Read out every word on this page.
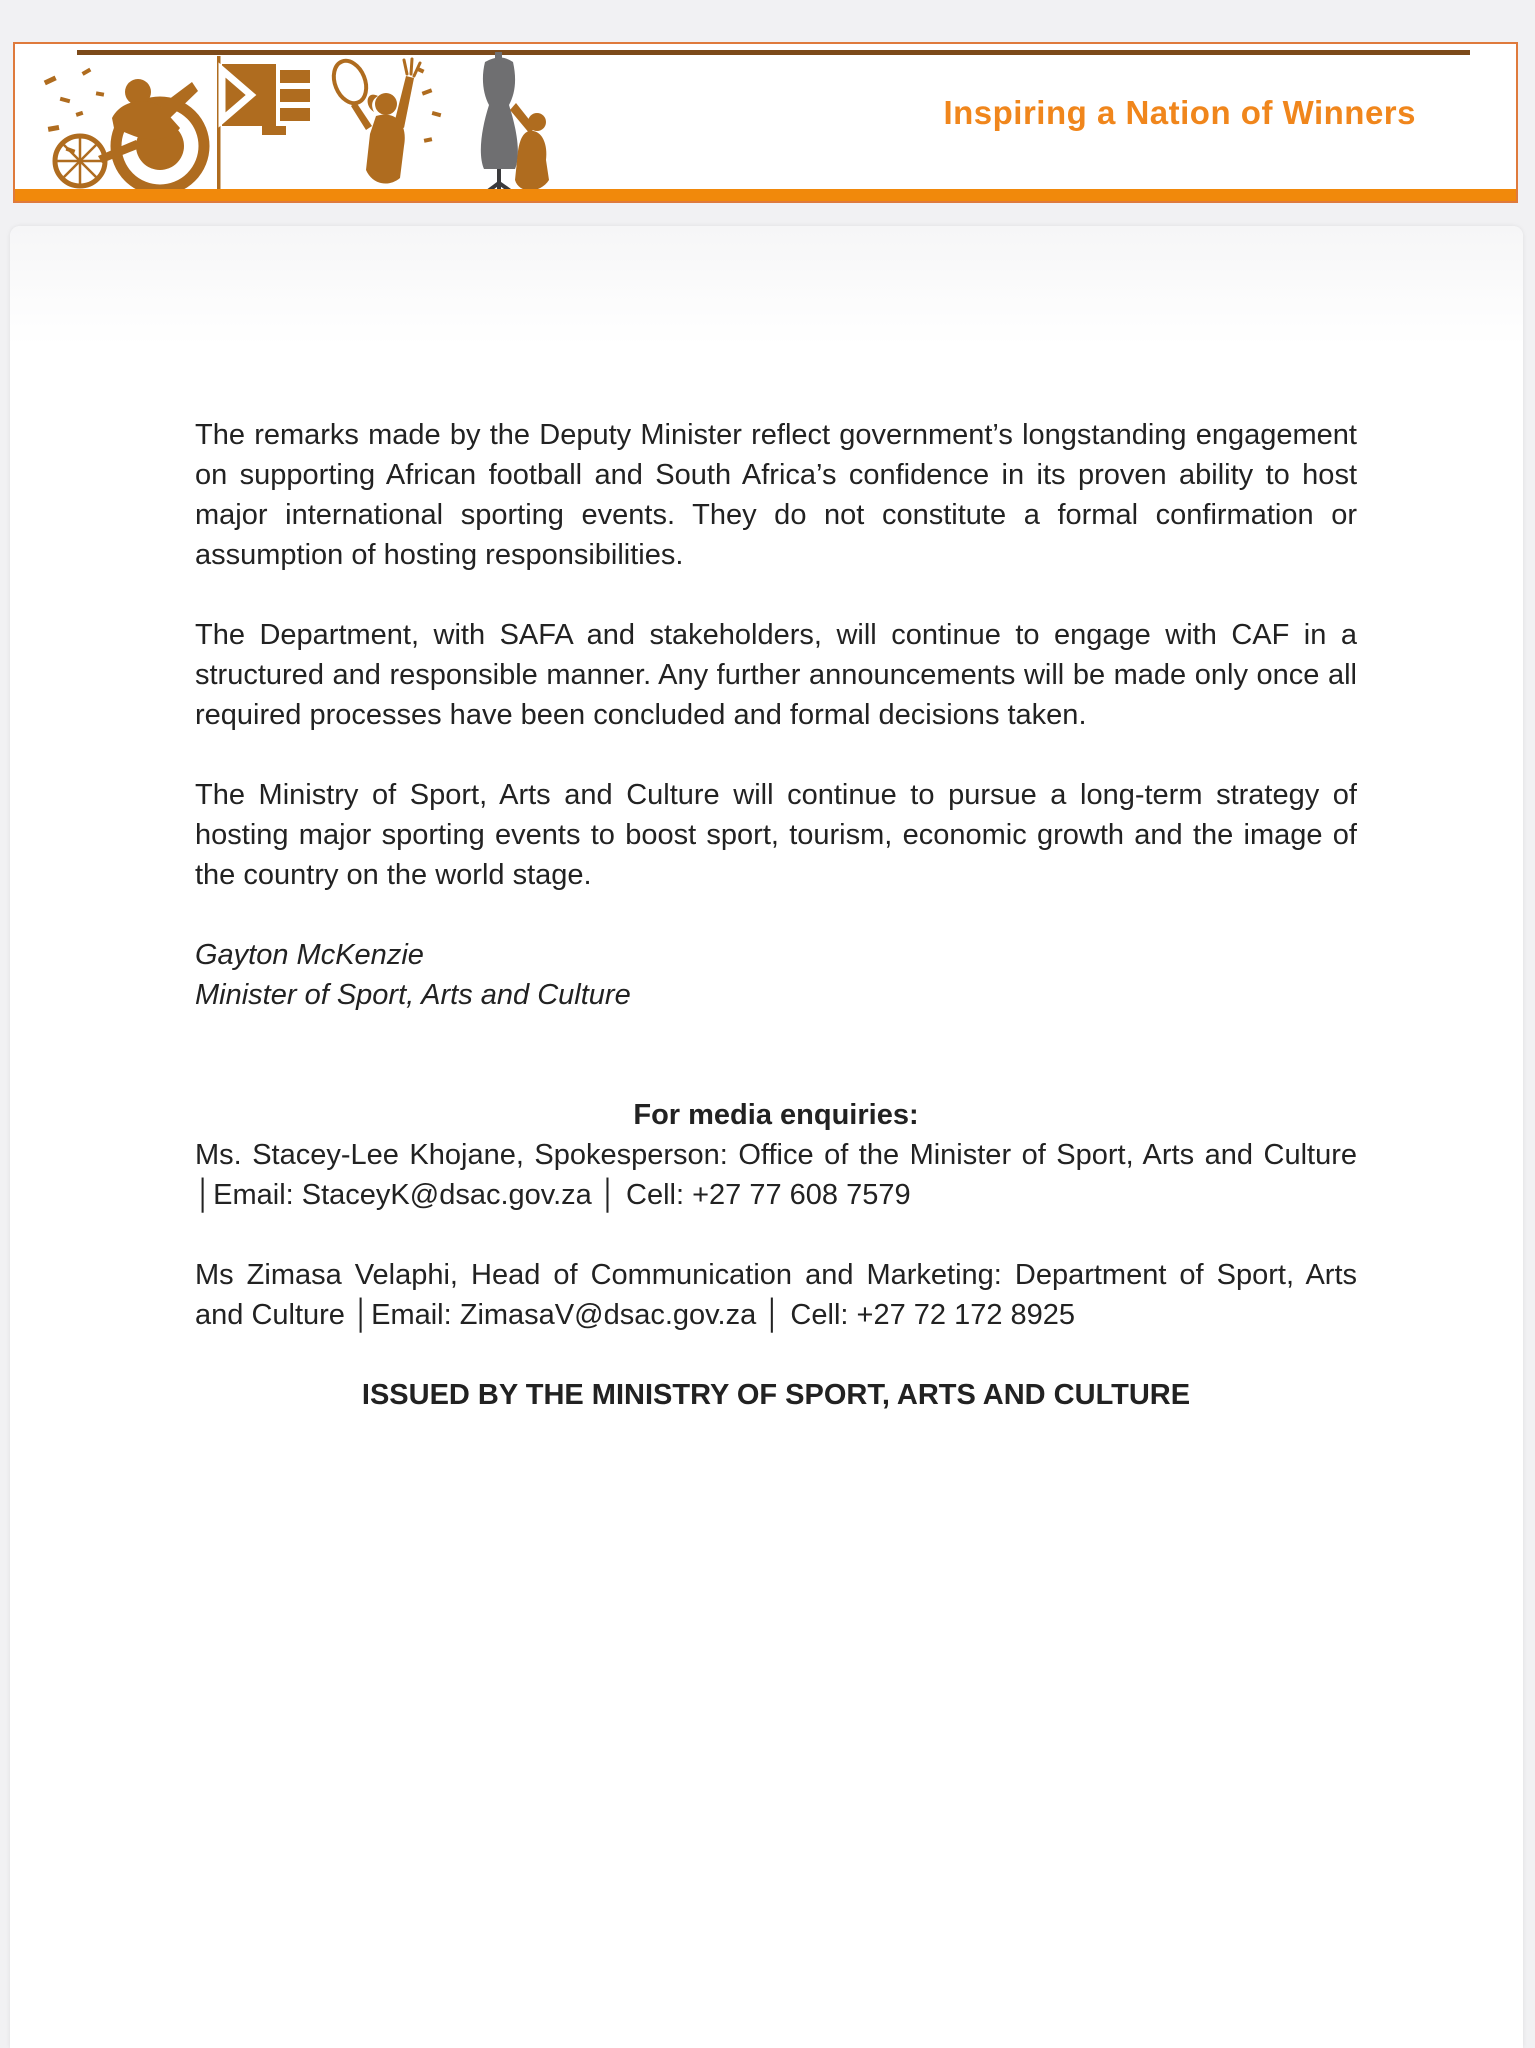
Inspiring a Nation of Winners

The remarks made by the Deputy Minister reflect government’s longstanding engagement on supporting African football and South Africa’s confidence in its proven ability to host major international sporting events. They do not constitute a formal confirmation or assumption of hosting responsibilities.

The Department, with SAFA and stakeholders, will continue to engage with CAF in a structured and responsible manner. Any further announcements will be made only once all required processes have been concluded and formal decisions taken.

The Ministry of Sport, Arts and Culture will continue to pursue a long-term strategy of hosting major sporting events to boost sport, tourism, economic growth and the image of the country on the world stage.

Gayton McKenzie
Minister of Sport, Arts and Culture

For media enquiries:

Ms. Stacey-Lee Khojane, Spokesperson: Office of the Minister of Sport, Arts and Culture │Email: StaceyK@dsac.gov.za │ Cell: +27 77 608 7579

Ms Zimasa Velaphi, Head of Communication and Marketing: Department of Sport, Arts and Culture │Email: ZimasaV@dsac.gov.za │ Cell: +27 72 172 8925

ISSUED BY THE MINISTRY OF SPORT, ARTS AND CULTURE
